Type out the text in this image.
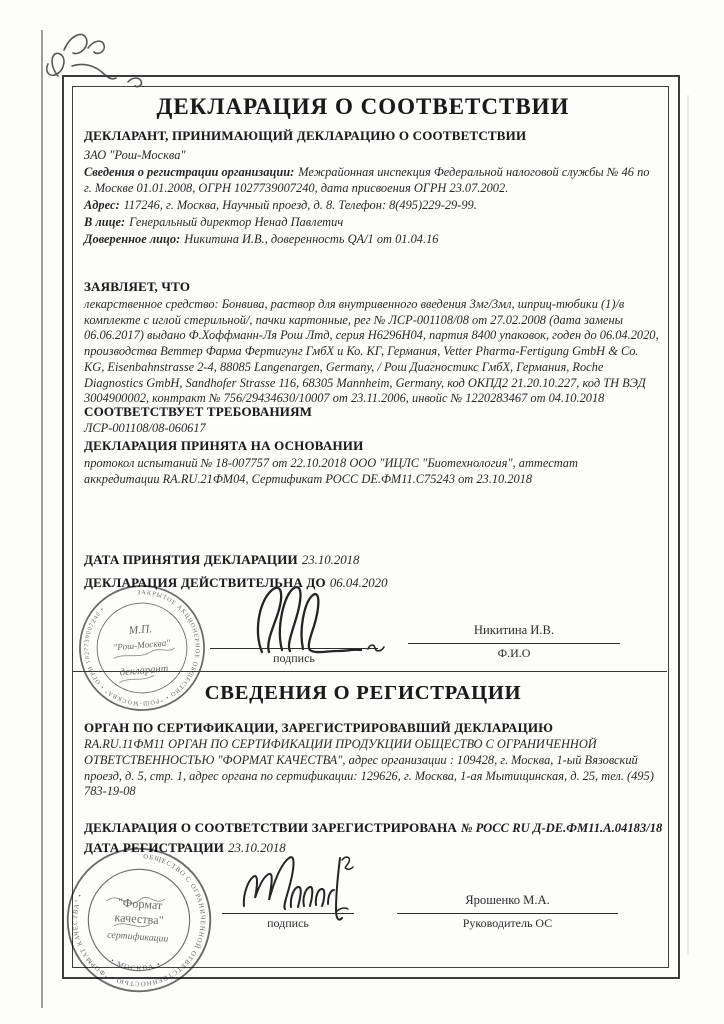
ДЕКЛАРАЦИЯ О СООТВЕТСТВИИ
ДЕКЛАРАНТ, ПРИНИМАЮЩИЙ ДЕКЛАРАЦИЮ О СООТВЕТСТВИИ
ЗАО "Рош-Москва"
Сведения о регистрации организации: Межрайонная инспекция Федеральной налоговой службы № 46 по г. Москве 01.01.2008, ОГРН 1027739007240, дата присвоения ОГРН 23.07.2002.
Адрес: 117246, г. Москва, Научный проезд, д. 8. Телефон: 8(495)229-29-99.
В лице: Генеральный директор Ненад Павлетич
Доверенное лицо: Никитина И.В., доверенность QA/1 от 01.04.16
ЗАЯВЛЯЕТ, ЧТО
лекарственное средство: Бонвива, раствор для внутривенного введения 3мг/3мл, шприц-тюбики (1)/в комплекте с иглой стерильной/, пачки картонные, рег № ЛСР-001108/08 от 27.02.2008 (дата замены 06.06.2017) выдано Ф.Хоффманн-Ля Рош Лтд, серия Н6296Н04, партия 8400 упаковок, годен до 06.04.2020, производства Веттер Фарма Фертигунг ГмбХ и Ко. КГ, Германия, Vetter Pharma-Fertigung GmbH & Co. KG, Eisenbahnstrasse 2-4, 88085 Langenargen, Germany, / Рош Диагностикс ГмбХ, Германия, Roche Diagnostics GmbH, Sandhofer Strasse 116, 68305 Mannheim, Germany, код ОКПД2 21.20.10.227, код ТН ВЭД 3004900002, контракт № 756/29434630/10007 от 23.11.2006, инвойс № 1220283467 от 04.10.2018
СООТВЕТСТВУЕТ ТРЕБОВАНИЯМ
ЛСР-001108/08-060617
ДЕКЛАРАЦИЯ ПРИНЯТА НА ОСНОВАНИИ
протокол испытаний № 18-007757 от 22.10.2018 ООО "ИЦЛС "Биотехнология", аттестат аккредитации RA.RU.21ФМ04, Сертификат РОСС DE.ФМ11.С75243 от 23.10.2018
ДАТА ПРИНЯТИЯ ДЕКЛАРАЦИИ 23.10.2018
ДЕКЛАРАЦИЯ ДЕЙСТВИТЕЛЬНА ДО 06.04.2020
ЗАКРЫТОЕ АКЦИОНЕРНОЕ ОБЩЕСТВО • "РОШ-МОСКВА" • ОГРН 1027739007240 •
М.П.
"Рош-Москва"
декларант
подпись
Никитина И.В.
Ф.И.О
СВЕДЕНИЯ О РЕГИСТРАЦИИ
ОРГАН ПО СЕРТИФИКАЦИИ, ЗАРЕГИСТРИРОВАВШИЙ ДЕКЛАРАЦИЮ
RA.RU.11ФМ11 ОРГАН ПО СЕРТИФИКАЦИИ ПРОДУКЦИИ ОБЩЕСТВО С ОГРАНИЧЕННОЙ ОТВЕТСТВЕННОСТЬЮ "ФОРМАТ КАЧЕСТВА", адрес организации : 109428, г. Москва, 1-ый Вязовский проезд, д. 5, стр. 1, адрес органа по сертификации: 129626, г. Москва, 1-ая Мытищинская, д. 25, тел. (495) 783-19-08
ДЕКЛАРАЦИЯ О СООТВЕТСТВИИ ЗАРЕГИСТРИРОВАНА № РОСС RU Д-DE.ФМ11.А.04183/18
ДАТА РЕГИСТРАЦИИ 23.10.2018
ОБЩЕСТВО С ОГРАНИЧЕННОЙ ОТВЕТСТВЕННОСТЬЮ • "ФОРМАТ КАЧЕСТВА" •
• МОСКВА •
"Формат
качества"
сертификации
подпись
Ярошенко М.А.
Руководитель ОС
